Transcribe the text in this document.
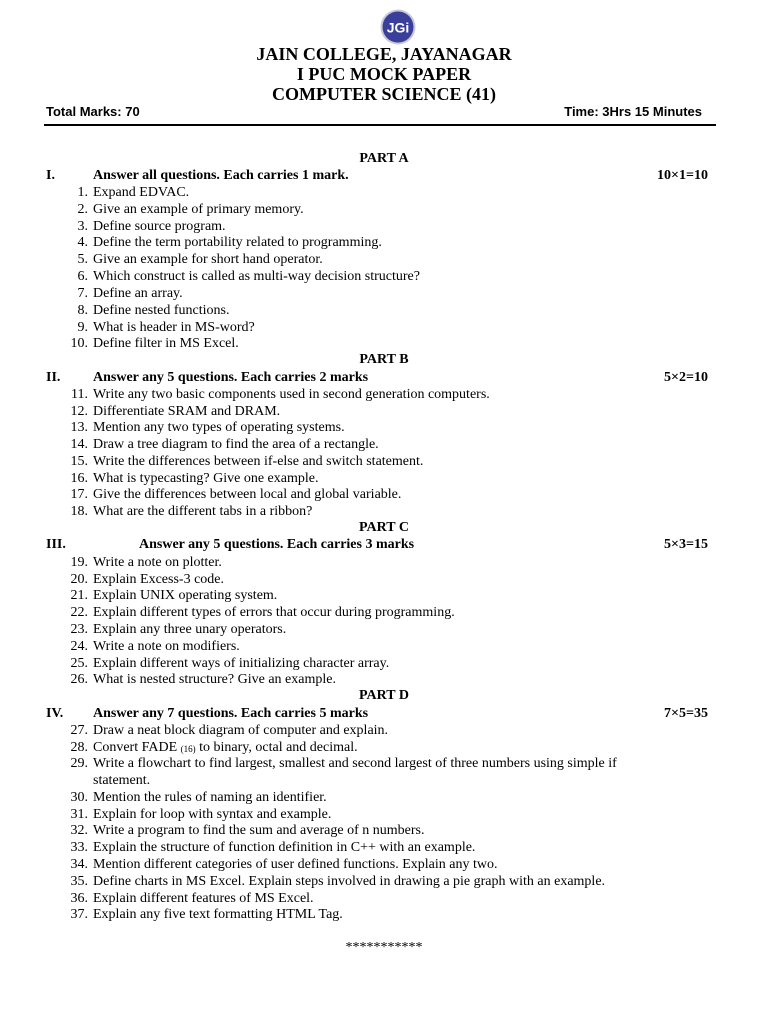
JGi
JAIN COLLEGE, JAYANAGAR
I PUC MOCK PAPER
COMPUTER SCIENCE (41)
Total Marks: 70	Time: 3Hrs 15 Minutes
PART A
I.	Answer all questions. Each carries 1 mark.	10×1=10
1. Expand EDVAC.
2. Give an example of primary memory.
3. Define source program.
4. Define the term portability related to programming.
5. Give an example for short hand operator.
6. Which construct is called as multi-way decision structure?
7. Define an array.
8. Define nested functions.
9. What is header in MS-word?
10. Define filter in MS Excel.
PART B
II. Answer any 5 questions. Each carries 2 marks	5×2=10
11. Write any two basic components used in second generation computers.
12. Differentiate SRAM and DRAM.
13. Mention any two types of operating systems.
14. Draw a tree diagram to find the area of a rectangle.
15. Write the differences between if-else and switch statement.
16. What is typecasting? Give one example.
17. Give the differences between local and global variable.
18. What are the different tabs in a ribbon?
PART C
III.	Answer any 5 questions. Each carries 3 marks	5×3=15
19. Write a note on plotter.
20. Explain Excess-3 code.
21. Explain UNIX operating system.
22. Explain different types of errors that occur during programming.
23. Explain any three unary operators.
24. Write a note on modifiers.
25. Explain different ways of initializing character array.
26. What is nested structure? Give an example.
PART D
IV. Answer any 7 questions. Each carries 5 marks	7×5=35
27. Draw a neat block diagram of computer and explain.
28. Convert FADE $_{(16)}$ to binary, octal and decimal.
29. Write a flowchart to find largest, smallest and second largest of three numbers using simple if
statement.
30. Mention the rules of naming an identifier.
31. Explain for loop with syntax and example.
32. Write a program to find the sum and average of n numbers.
33. Explain the structure of function definition in C++ with an example.
34. Mention different categories of user defined functions. Explain any two.
35. Define charts in MS Excel. Explain steps involved in drawing a pie graph with an example.
36. Explain different features of MS Excel.
37. Explain any five text formatting HTML Tag.
***********
